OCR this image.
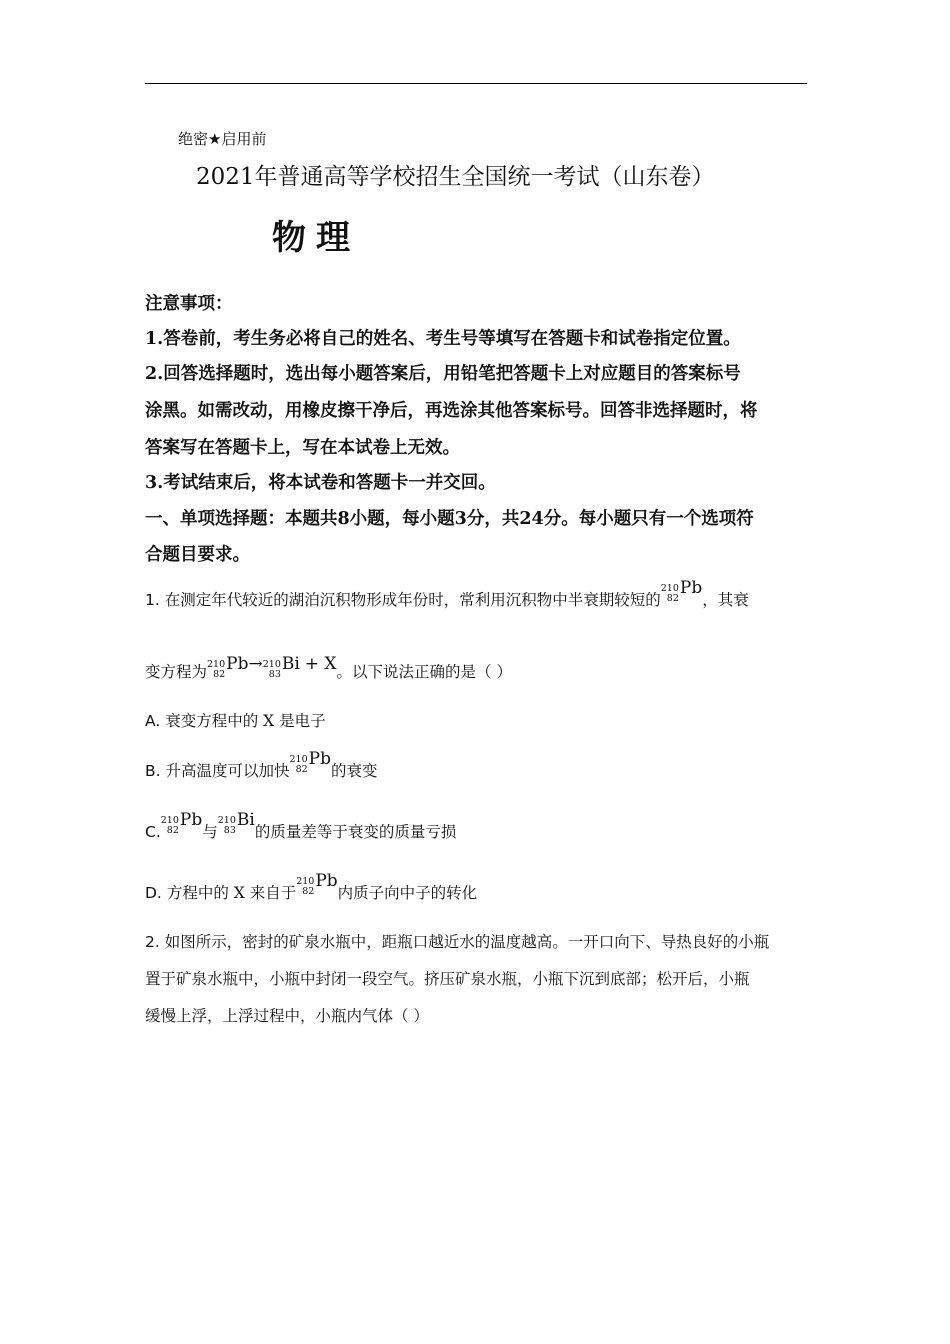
绝密★启用前
2021年普通高等学校招生全国统一考试（山东卷）
物理
注意事项：
1.答卷前，考生务必将自己的姓名、考生号等填写在答题卡和试卷指定位置。
2.回答选择题时，选出每小题答案后，用铅笔把答题卡上对应题目的答案标号
涂黑。如需改动，用橡皮擦干净后，再选涂其他答案标号。回答非选择题时，将
答案写在答题卡上，写在本试卷上无效。
3.考试结束后，将本试卷和答题卡一并交回。
一、单项选择题：本题共8小题，每小题3分，共24分。每小题只有一个选项符
合题目要求。
1. 在测定年代较近的湖泊沉积物形成年份时，常利用沉积物中半衰期较短的
210
82
Pb，其衰
变方程为 210
82
Pb→ 210
83
Bi + X。以下说法正确的是（ ）
A. 衰变方程中的 X 是电子
B. 升高温度可以加快
210
82
Pb的衰变
C.
210
82
Pb与
210
83
Bi的质量差等于衰变的质量亏损
D. 方程中的 X 来自于
210
82
Pb内质子向中子的转化
2. 如图所示，密封的矿泉水瓶中，距瓶口越近水的温度越高。一开口向下、导热良好的小瓶
置于矿泉水瓶中，小瓶中封闭一段空气。挤压矿泉水瓶，小瓶下沉到底部；松开后，小瓶
缓慢上浮，上浮过程中，小瓶内气体（ ）
